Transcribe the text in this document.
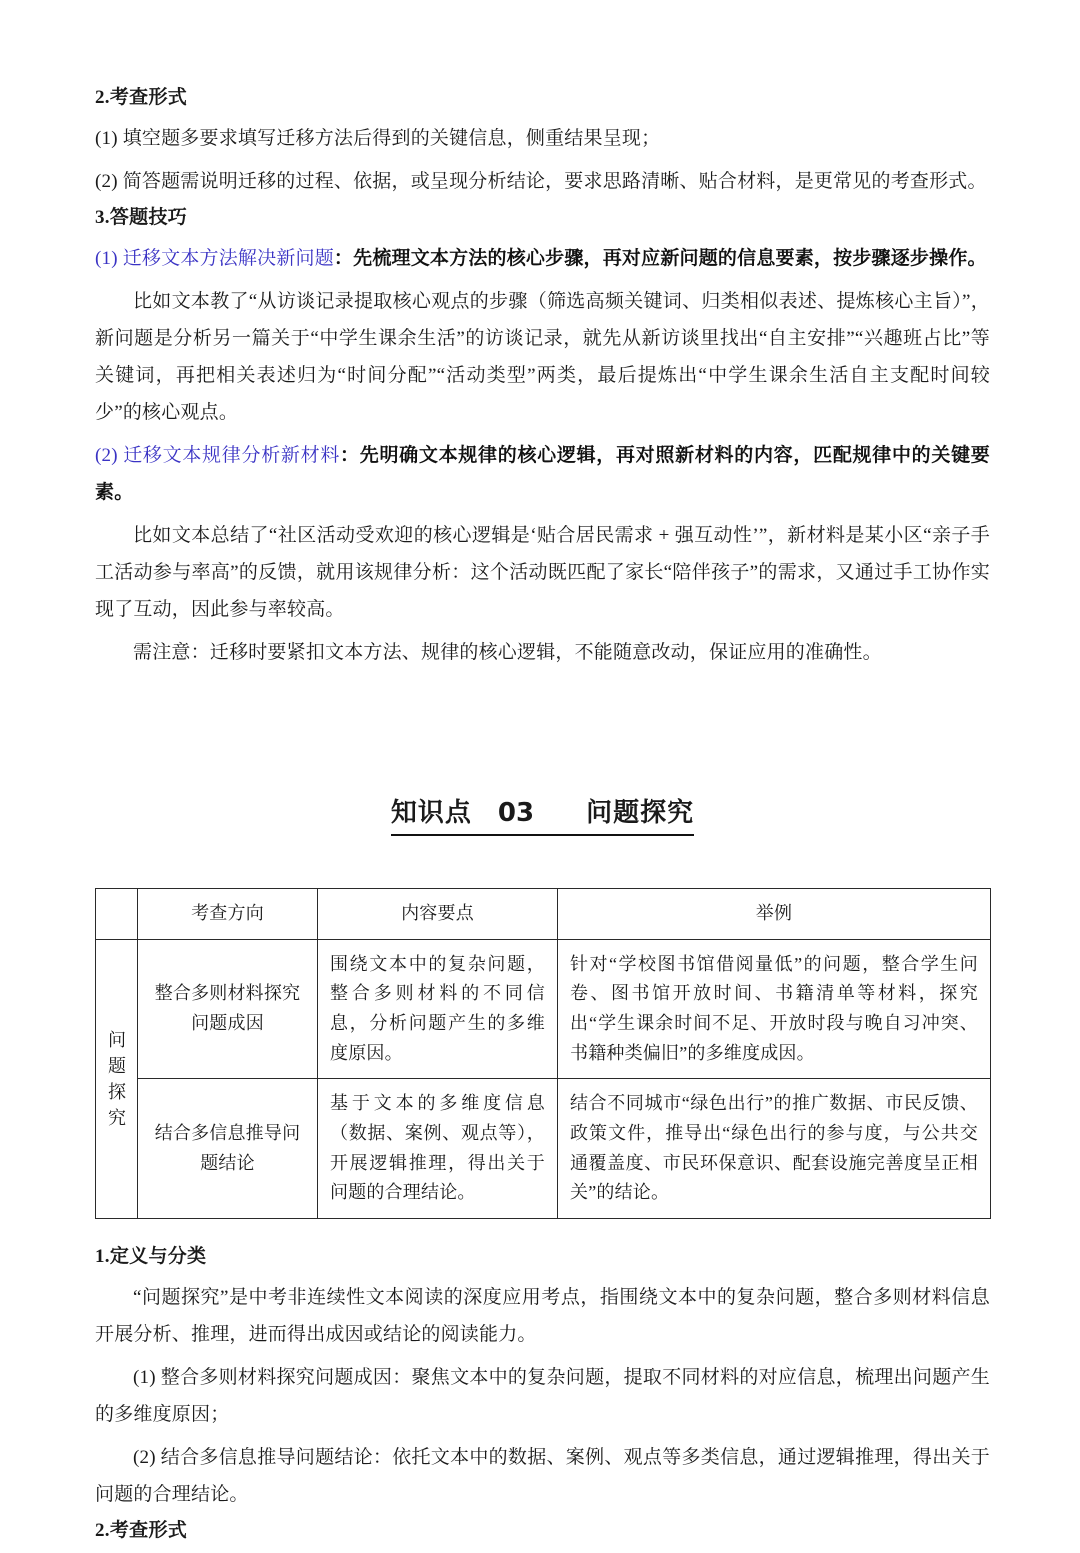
2.考查形式

(1) 填空题多要求填写迁移方法后得到的关键信息，侧重结果呈现；

(2) 简答题需说明迁移的过程、依据，或呈现分析结论，要求思路清晰、贴合材料，是更常见的考查形式。

3.答题技巧

(1) 迁移文本方法解决新问题：先梳理文本方法的核心步骤，再对应新问题的信息要素，按步骤逐步操作。

比如文本教了“从访谈记录提取核心观点的步骤（筛选高频关键词、归类相似表述、提炼核心主旨）”，新问题是分析另一篇关于“中学生课余生活”的访谈记录，就先从新访谈里找出“自主安排”“兴趣班占比”等关键词，再把相关表述归为“时间分配”“活动类型”两类，最后提炼出“中学生课余生活自主支配时间较少”的核心观点。

(2) 迁移文本规律分析新材料：先明确文本规律的核心逻辑，再对照新材料的内容，匹配规律中的关键要素。

比如文本总结了“社区活动受欢迎的核心逻辑是‘贴合居民需求 + 强互动性’”，新材料是某小区“亲子手工活动参与率高”的反馈，就用该规律分析：这个活动既匹配了家长“陪伴孩子”的需求，又通过手工协作实现了互动，因此参与率较高。

需注意：迁移时要紧扣文本方法、规律的核心逻辑，不能随意改动，保证应用的准确性。

知识点 03 问题探究
	考查方向	内容要点	举例

问
题
探
究	整合多则材料探究问题成因	围绕文本中的复杂问题，整合多则材料的不同信息，分析问题产生的多维度原因。	针对“学校图书馆借阅量低”的问题，整合学生问卷、图书馆开放时间、书籍清单等材料，探究出“学生课余时间不足、开放时段与晚自习冲突、书籍种类偏旧”的多维度成因。
	结合多信息推导问题结论	基于文本的多维度信息（数据、案例、观点等），开展逻辑推理，得出关于问题的合理结论。	结合不同城市“绿色出行”的推广数据、市民反馈、政策文件，推导出“绿色出行的参与度，与公共交通覆盖度、市民环保意识、配套设施完善度呈正相关”的结论。
1.定义与分类

“问题探究”是中考非连续性文本阅读的深度应用考点，指围绕文本中的复杂问题，整合多则材料信息开展分析、推理，进而得出成因或结论的阅读能力。

(1) 整合多则材料探究问题成因：聚焦文本中的复杂问题，提取不同材料的对应信息，梳理出问题产生的多维度原因；

(2) 结合多信息推导问题结论：依托文本中的数据、案例、观点等多类信息，通过逻辑推理，得出关于问题的合理结论。

2.考查形式
